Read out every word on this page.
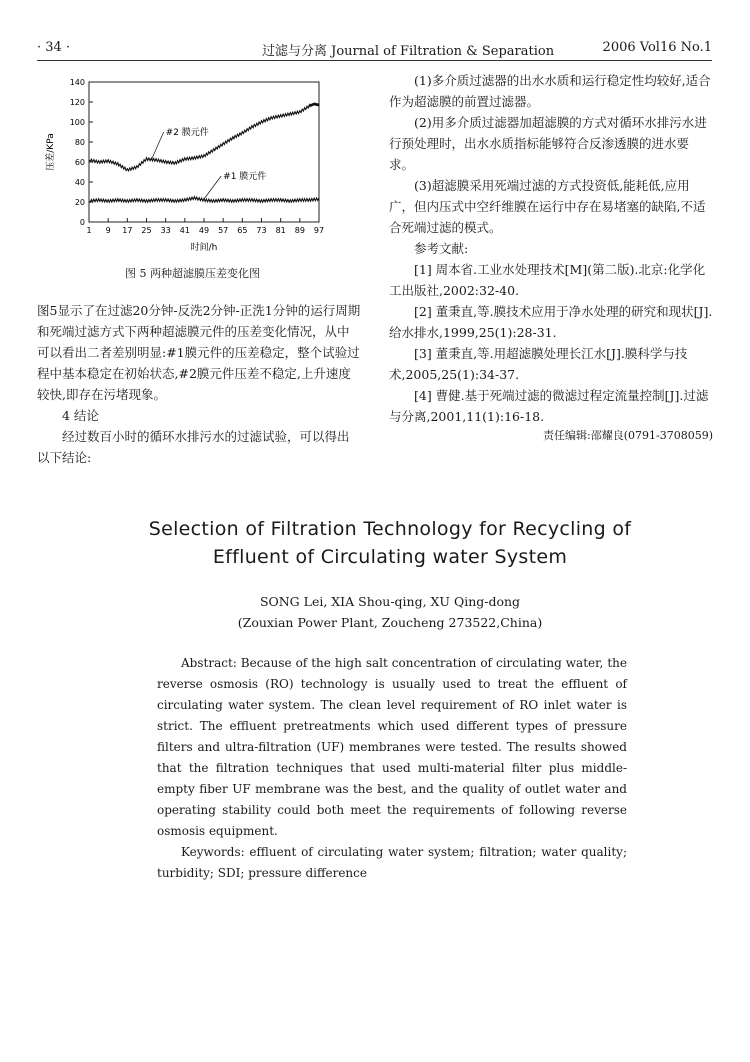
· 34 ·	过滤与分离 Journal of Filtration & Separation	2006 Vol16 No.1
0
20
40
60
80
100
120
140
1 9 17 25 33 41 49 57 65 73 81 89 97
压差/KPa
时间/h
#2 膜元件
#1 膜元件
图 5 两种超滤膜压差变化图

图5显示了在过滤20分钟-反洗2分钟-正洗1分钟的运行周期和死端过滤方式下两种超滤膜元件的压差变化情况，从中可以看出二者差别明显:#1膜元件的压差稳定，整个试验过程中基本稳定在初始状态,#2膜元件压差不稳定,上升速度较快,即存在污堵现象。

4 结论

经过数百小时的循环水排污水的过滤试验，可以得出以下结论:

(1)多介质过滤器的出水水质和运行稳定性均较好,适合作为超滤膜的前置过滤器。

(2)用多介质过滤器加超滤膜的方式对循环水排污水进行预处理时，出水水质指标能够符合反渗透膜的进水要求。

(3)超滤膜采用死端过滤的方式投资低,能耗低,应用广，但内压式中空纤维膜在运行中存在易堵塞的缺陷,不适合死端过滤的模式。

参考文献:

[1] 周本省.工业水处理技术[M](第二版).北京:化学化工出版社,2002:32-40.

[2] 董秉直,等.膜技术应用于净水处理的研究和现状[J].给水排水,1999,25(1):28-31.

[3] 董秉直,等.用超滤膜处理长江水[J].膜科学与技术,2005,25(1):34-37.

[4] 曹健.基于死端过滤的微滤过程定流量控制[J].过滤与分离,2001,11(1):16-18.

责任编辑:邵耀良(0791-3708059)

Selection of Filtration Technology for Recycling of
Effluent of Circulating water System
SONG Lei, XIA Shou-qing, XU Qing-dong
(Zouxian Power Plant, Zoucheng 273522,China)

Abstract: Because of the high salt concentration of circulating water, the reverse osmosis (RO) technology is usually used to treat the effluent of circulating water system. The clean level requirement of RO inlet water is strict. The effluent pretreatments which used different types of pressure filters and ultra-filtration (UF) membranes were tested. The results showed that the filtration techniques that used multi-material filter plus middle-empty fiber UF membrane was the best, and the quality of outlet water and operating stability could both meet the requirements of following reverse osmosis equipment.

Keywords: effluent of circulating water system; filtration; water quality; turbidity; SDI; pressure difference
